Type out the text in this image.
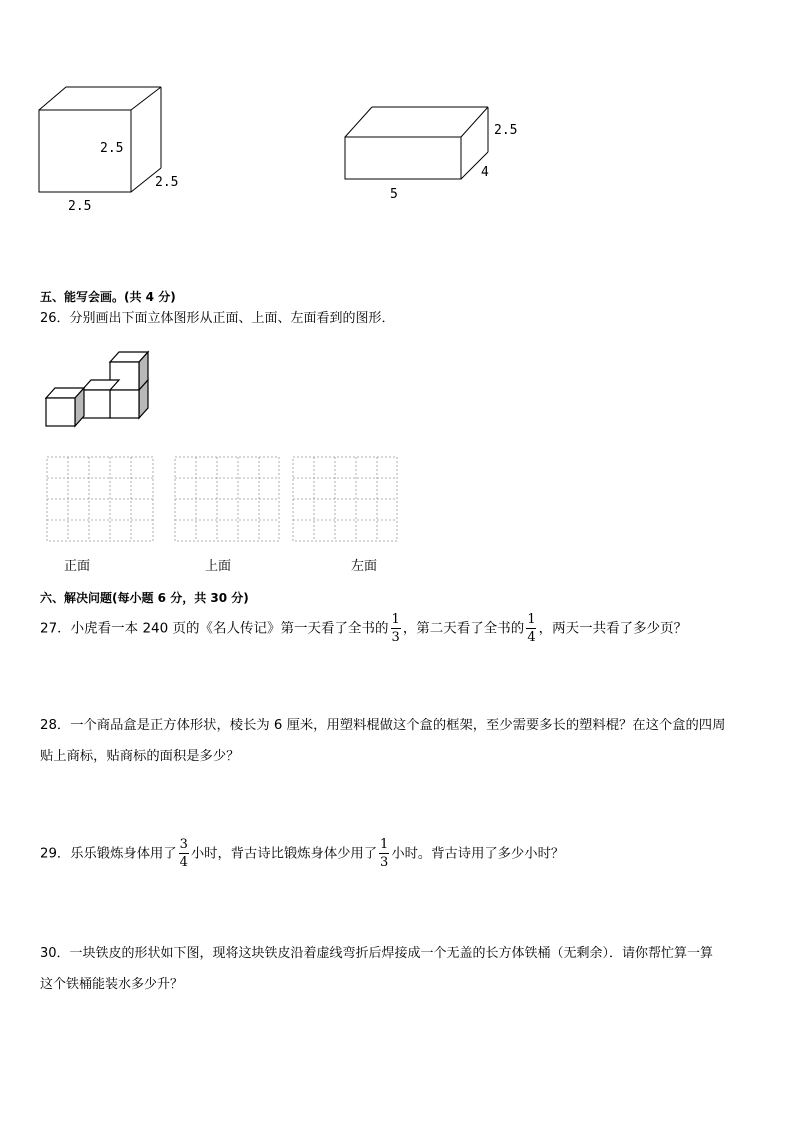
2.5
2.5
2.5
2.5
4
5
五、能写会画。(共 4 分)
26．分别画出下面立体图形从正面、上面、左面看到的图形．
正面	上面	左面
六、解决问题(每小题 6 分，共 30 分)
27．小虎看一本 240 页的《名人传记》第一天看了全书的 $\frac{1}{3}$ ，第二天看了全书的 $\frac{1}{4}$ ，两天一共看了多少页？
28．一个商品盒是正方体形状，棱长为 6 厘米，用塑料棍做这个盒的框架，至少需要多长的塑料棍？在这个盒的四周
贴上商标，贴商标的面积是多少？
29．乐乐锻炼身体用了 $\frac{3}{4}$ 小时，背古诗比锻炼身体少用了 $\frac{1}{3}$ 小时。背古诗用了多少小时？
30．一块铁皮的形状如下图，现将这块铁皮沿着虚线弯折后焊接成一个无盖的长方体铁桶（无剩余）．请你帮忙算一算
这个铁桶能装水多少升？
